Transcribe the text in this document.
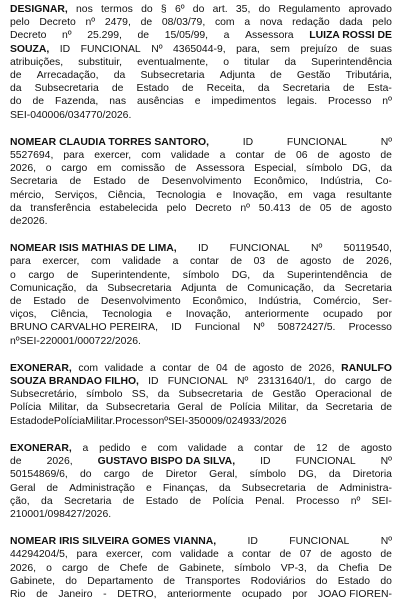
DESIGNAR, nos termos do § 6º do art. 35, do Regulamento aprovado
pelo Decreto nº 2479, de 08/03/79, com a nova redação dada pelo
Decreto nº 25.299, de 15/05/99, a Assessora LUIZA ROSSI DE
SOUZA, ID FUNCIONAL Nº 4365044-9, para, sem prejuízo de suas
atribuições, substituir, eventualmente, o titular da Superintendência
de Arrecadação, da Subsecretaria Adjunta de Gestão Tributária,
da Subsecretaria de Estado de Receita, da Secretaria de Esta-
do de Fazenda, nas ausências e impedimentos legais. Processo nº
SEI-040006/034770/2026.
NOMEAR CLAUDIA TORRES SANTORO,	ID	FUNCIONAL	Nº
5527694, para exercer, com validade a contar de 06 de agosto de
2026, o cargo em comissão de Assessora Especial, símbolo DG, da
Secretaria de Estado de Desenvolvimento Econômico, Indústria, Co-
mércio, Serviços, Ciência, Tecnologia e Inovação, em vaga resultante
da transferência estabelecida pelo Decreto nº 50.413 de 05 de agosto
de 2026.
NOMEAR ISIS MATHIAS DE LIMA, ID FUNCIONAL Nº 50119540,
para exercer, com validade a contar de 03 de agosto de 2026,
o cargo de Superintendente, símbolo DG, da Superintendência de
Comunicação, da Subsecretaria Adjunta de Comunicação, da Secretaria
de Estado de Desenvolvimento Econômico, Indústria, Comércio, Ser-
viços, Ciência, Tecnologia e Inovação, anteriormente ocupado por
BRUNO CARVALHO PEREIRA, ID Funcional Nº 50872427/5. Processo
nº SEI-220001/000722/2026.
EXONERAR, com validade a contar de 04 de agosto de 2026, RANULFO
SOUZA BRANDAO FILHO, ID FUNCIONAL Nº 23131640/1, do cargo de
Subsecretário, símbolo SS, da Subsecretaria de Gestão Operacional de
Polícia Militar, da Subsecretaria Geral de Polícia Militar, da Secretaria de
Estado de Polícia Militar. Processo nº SEI-350009/024933/2026
EXONERAR, a pedido e com validade a contar de 12 de agosto
de 2026, GUSTAVO BISPO DA SILVA, ID FUNCIONAL Nº
50154869/6, do cargo de Diretor Geral, símbolo DG, da Diretoria
Geral de Administração e Finanças, da Subsecretaria de Administra-
ção, da Secretaria de Estado de Polícia Penal. Processo nº SEI-
210001/098427/2026.
NOMEAR IRIS SILVEIRA GOMES VIANNA,	ID	FUNCIONAL	Nº
44294204/5, para exercer, com validade a contar de 07 de agosto de
2026, o cargo de Chefe de Gabinete, símbolo VP-3, da Chefia De
Gabinete, do Departamento de Transportes Rodoviários do Estado do
Rio de Janeiro - DETRO, anteriormente ocupado por JOAO FIOREN-
